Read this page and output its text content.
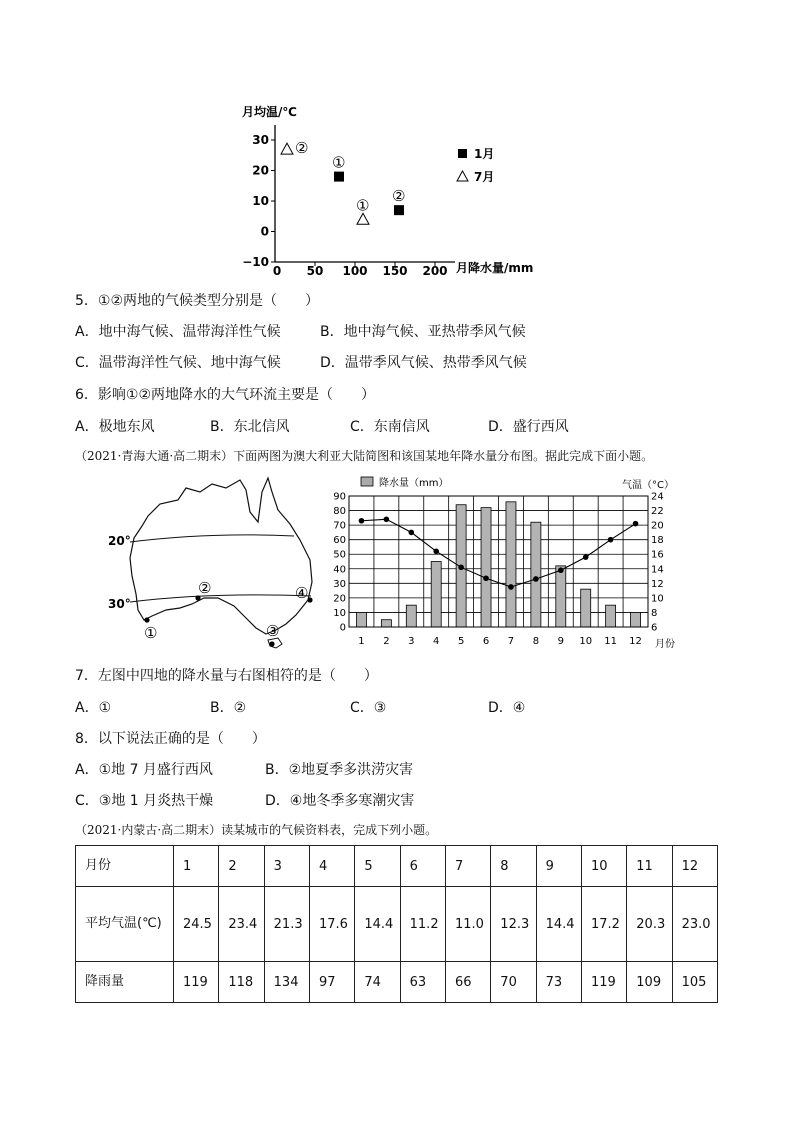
月均温/℃
30
20
10
0
−10
0 50 100 150 200 月降水量/mm
②
①
①
②
1月
7月
5．①②两地的气候类型分别是（　　）
A．地中海气候、温带海洋性气候	B．地中海气候、亚热带季风气候
C．温带海洋性气候、地中海气候	D．温带季风气候、热带季风气候
6．影响①②两地降水的大气环流主要是（　　）
A．极地东风	B．东北信风	C．东南信风	D．盛行西风
（2021·青海大通·高二期末）下面两图为澳大利亚大陆简图和该国某地年降水量分布图。据此完成下面小题。
20°
30°
①
②
③
④
降水量（mm）	气温（°C）
0
10
20
30
40
50
60
70
80
90
6
8
10
12
14
16
18
20
22
24
1 2 3 4 5 6 7 8 9 10 11 12 月份
7．左图中四地的降水量与右图相符的是（　　）
A．①	B．②	C．③	D．④
8．以下说法正确的是（　　）
A．①地 7 月盛行西风	B．②地夏季多洪涝灾害
C．③地 1 月炎热干燥	D．④地冬季多寒潮灾害
（2021·内蒙古·高二期末）读某城市的气候资料表，完成下列小题。
月份	1	2	3	4	5	6	7	8	9	10	11	12
平均气温(℃)	24.5	23.4	21.3	17.6	14.4	11.2	11.0	12.3	14.4	17.2	20.3	23.0
降雨量	119	118	134	97	74	63	66	70	73	119	109	105
